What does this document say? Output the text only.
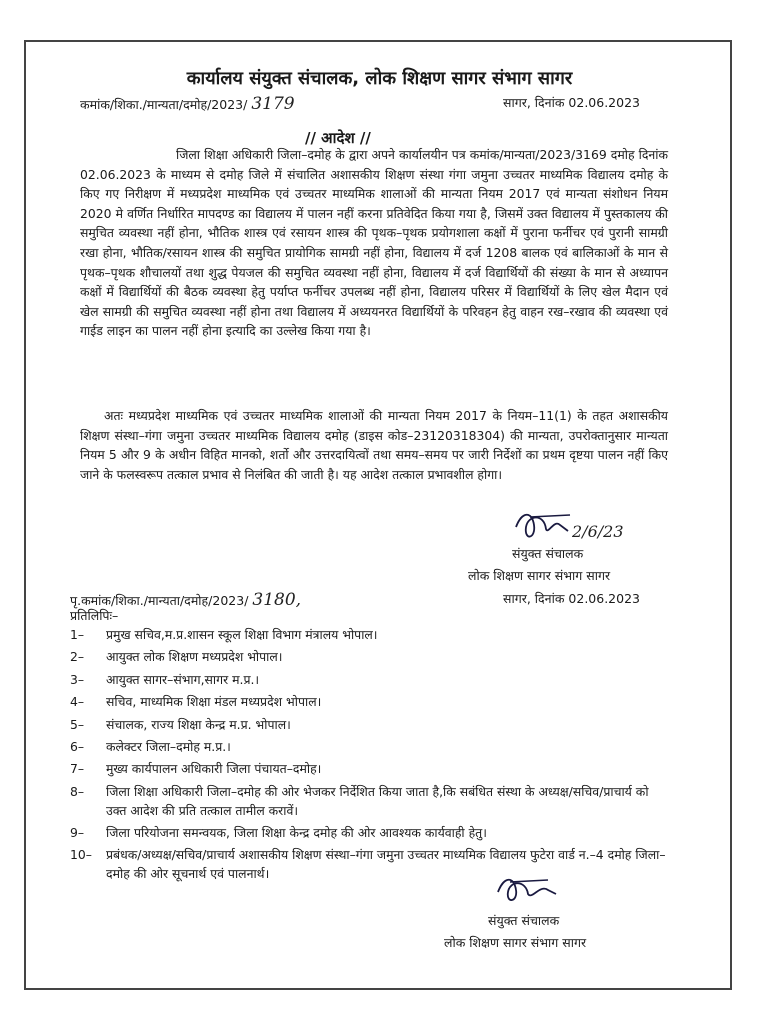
कार्यालय संयुक्त संचालक, लोक शिक्षण सागर संभाग सागर
कमांक/शिका./मान्यता/दमोह/2023/ 3179	सागर, दिनांक 02.06.2023
// आदेश //

जिला शिक्षा अधिकारी जिला–दमोह के द्वारा अपने कार्यालयीन पत्र कमांक/मान्यता/2023/3169 दमोह दिनांक 02.06.2023 के माध्यम से दमोह जिले में संचालित अशासकीय शिक्षण संस्था गंगा जमुना उच्चतर माध्यमिक विद्यालय दमोह के किए गए निरीक्षण में मध्यप्रदेश माध्यमिक एवं उच्चतर माध्यमिक शालाओं की मान्यता नियम 2017 एवं मान्यता संशोधन नियम 2020 मे वर्णित निर्धारित मापदण्ड का विद्यालय में पालन नहीं करना प्रतिवेदित किया गया है, जिसमें उक्त विद्यालय में पुस्तकालय की समुचित व्यवस्था नहीं होना, भौतिक शास्त्र एवं रसायन शास्त्र की पृथक–पृथक प्रयोगशाला कक्षों में पुराना फर्नीचर एवं पुरानी सामग्री रखा होना, भौतिक/रसायन शास्त्र की समुचित प्रायोगिक सामग्री नहीं होना, विद्यालय में दर्ज 1208 बालक एवं बालिकाओं के मान से पृथक–पृथक शौचालयों तथा शुद्ध पेयजल की समुचित व्यवस्था नहीं होना, विद्यालय में दर्ज विद्यार्थियों की संख्या के मान से अध्यापन कक्षों में विद्यार्थियों की बैठक व्यवस्था हेतु पर्याप्त फर्नीचर उपलब्ध नहीं होना, विद्यालय परिसर में विद्यार्थियों के लिए खेल मैदान एवं खेल सामग्री की समुचित व्यवस्था नहीं होना तथा विद्यालय में अध्ययनरत विद्यार्थियों के परिवहन हेतु वाहन रख–रखाव की व्यवस्था एवं गाईड लाइन का पालन नहीं होना इत्यादि का उल्लेख किया गया है।

अतः मध्यप्रदेश माध्यमिक एवं उच्चतर माध्यमिक शालाओं की मान्यता नियम 2017 के नियम–11(1) के तहत अशासकीय शिक्षण संस्था–गंगा जमुना उच्चतर माध्यमिक विद्यालय दमोह (डाइस कोड–23120318304) की मान्यता, उपरोक्तानुसार मान्यता नियम 5 और 9 के अधीन विहित मानको, शर्तो और उत्तरदायित्वों तथा समय–समय पर जारी निर्देशों का प्रथम दृष्टया पालन नहीं किए जाने के फलस्वरूप तत्काल प्रभाव से निलंबित की जाती है। यह आदेश तत्काल प्रभावशील होगा।

2/6/23
संयुक्त संचालक
लोक शिक्षण सागर संभाग सागर
पृ.कमांक/शिका./मान्यता/दमोह/2023/ 3180,	सागर, दिनांक 02.06.2023
प्रतिलिपिः–
1– प्रमुख सचिव,म.प्र.शासन स्कूल शिक्षा विभाग मंत्रालय भोपाल।
2– आयुक्त लोक शिक्षण मध्यप्रदेश भोपाल।
3– आयुक्त सागर–संभाग,सागर म.प्र.।
4– सचिव, माध्यमिक शिक्षा मंडल मध्यप्रदेश भोपाल।
5– संचालक, राज्य शिक्षा केन्द्र म.प्र. भोपाल।
6– कलेक्टर जिला–दमोह म.प्र.।
7– मुख्य कार्यपालन अधिकारी जिला पंचायत–दमोह।
8– जिला शिक्षा अधिकारी जिला–दमोह की ओर भेजकर निर्देशित किया जाता है,कि सबंधित संस्था के अध्यक्ष/सचिव/प्राचार्य को उक्त आदेश की प्रति तत्काल तामील करावें।
9– जिला परियोजना समन्वयक, जिला शिक्षा केन्द्र दमोह की ओर आवश्यक कार्यवाही हेतु।
10– प्रबंधक/अध्यक्ष/सचिव/प्राचार्य अशासकीय शिक्षण संस्था–गंगा जमुना उच्चतर माध्यमिक विद्यालय फुटेरा वार्ड न.–4 दमोह जिला–दमोह की ओर सूचनार्थ एवं पालनार्थ।
संयुक्त संचालक
लोक शिक्षण सागर संभाग सागर
